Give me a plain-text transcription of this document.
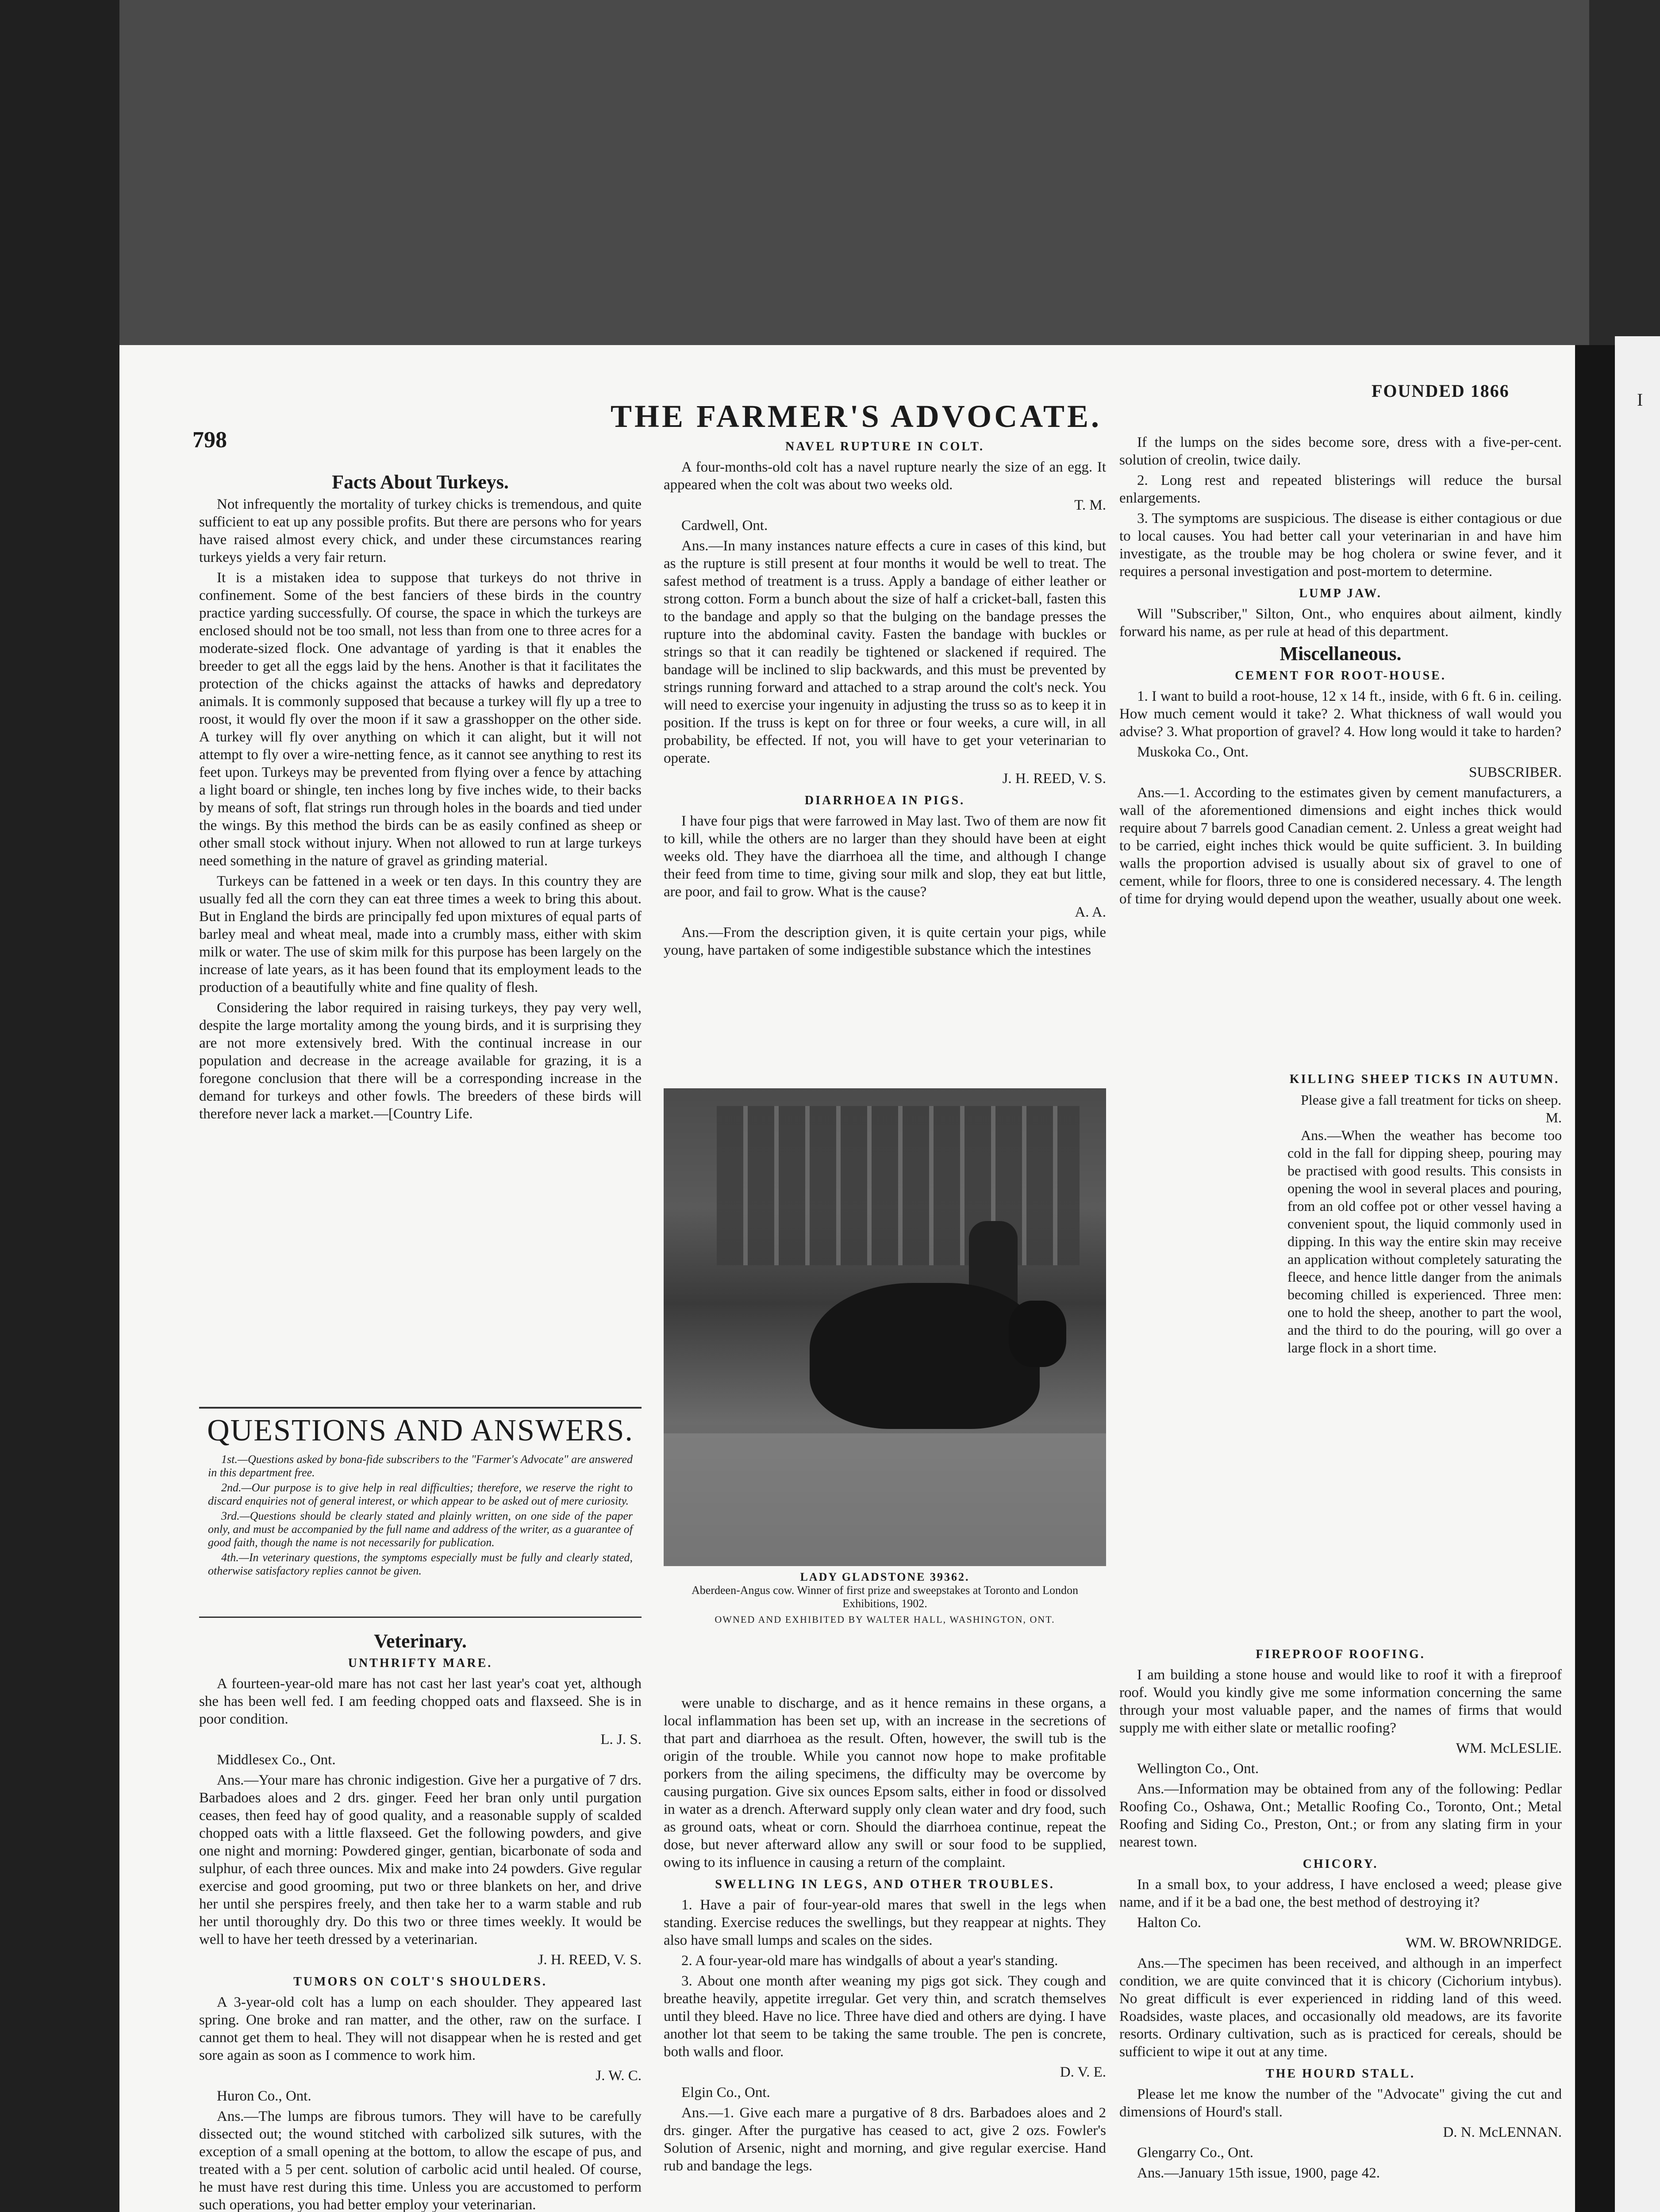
I
798
THE FARMER'S ADVOCATE.
FOUNDED 1866
Facts About Turkeys.

Not infrequently the mortality of turkey chicks is tremendous, and quite sufficient to eat up any possible profits. But there are persons who for years have raised almost every chick, and under these circumstances rearing turkeys yields a very fair return.

It is a mistaken idea to suppose that turkeys do not thrive in confinement. Some of the best fanciers of these birds in the country practice yarding successfully. Of course, the space in which the turkeys are enclosed should not be too small, not less than from one to three acres for a moderate-sized flock. One advantage of yarding is that it enables the breeder to get all the eggs laid by the hens. Another is that it facilitates the protection of the chicks against the attacks of hawks and depredatory animals. It is commonly supposed that because a turkey will fly up a tree to roost, it would fly over the moon if it saw a grasshopper on the other side. A turkey will fly over anything on which it can alight, but it will not attempt to fly over a wire-netting fence, as it cannot see anything to rest its feet upon. Turkeys may be prevented from flying over a fence by attaching a light board or shingle, ten inches long by five inches wide, to their backs by means of soft, flat strings run through holes in the boards and tied under the wings. By this method the birds can be as easily confined as sheep or other small stock without injury. When not allowed to run at large turkeys need something in the nature of gravel as grinding material.

Turkeys can be fattened in a week or ten days. In this country they are usually fed all the corn they can eat three times a week to bring this about. But in England the birds are principally fed upon mixtures of equal parts of barley meal and wheat meal, made into a crumbly mass, either with skim milk or water. The use of skim milk for this purpose has been largely on the increase of late years, as it has been found that its employment leads to the production of a beautifully white and fine quality of flesh.

Considering the labor required in raising turkeys, they pay very well, despite the large mortality among the young birds, and it is surprising they are not more extensively bred. With the continual increase in our population and decrease in the acreage available for grazing, it is a foregone conclusion that there will be a corresponding increase in the demand for turkeys and other fowls. The breeders of these birds will therefore never lack a market.—[Country Life.

QUESTIONS AND ANSWERS.

1st.—Questions asked by bona-fide subscribers to the "Farmer's Advocate" are answered in this department free.

2nd.—Our purpose is to give help in real difficulties; therefore, we reserve the right to discard enquiries not of general interest, or which appear to be asked out of mere curiosity.

3rd.—Questions should be clearly stated and plainly written, on one side of the paper only, and must be accompanied by the full name and address of the writer, as a guarantee of good faith, though the name is not necessarily for publication.

4th.—In veterinary questions, the symptoms especially must be fully and clearly stated, otherwise satisfactory replies cannot be given.

Veterinary.
UNTHRIFTY MARE.

A fourteen-year-old mare has not cast her last year's coat yet, although she has been well fed. I am feeding chopped oats and flaxseed. She is in poor condition.

L. J. S.

Middlesex Co., Ont.

Ans.—Your mare has chronic indigestion. Give her a purgative of 7 drs. Barbadoes aloes and 2 drs. ginger. Feed her bran only until purgation ceases, then feed hay of good quality, and a reasonable supply of scalded chopped oats with a little flaxseed. Get the following powders, and give one night and morning: Powdered ginger, gentian, bicarbonate of soda and sulphur, of each three ounces. Mix and make into 24 powders. Give regular exercise and good grooming, put two or three blankets on her, and drive her until she perspires freely, and then take her to a warm stable and rub her until thoroughly dry. Do this two or three times weekly. It would be well to have her teeth dressed by a veterinarian.

J. H. REED, V. S.

TUMORS ON COLT'S SHOULDERS.

A 3-year-old colt has a lump on each shoulder. They appeared last spring. One broke and ran matter, and the other, raw on the surface. I cannot get them to heal. They will not disappear when he is rested and get sore again as soon as I commence to work him.

J. W. C.

Huron Co., Ont.

Ans.—The lumps are fibrous tumors. They will have to be carefully dissected out; the wound stitched with carbolized silk sutures, with the exception of a small opening at the bottom, to allow the escape of pus, and treated with a 5 per cent. solution of carbolic acid until healed. Of course, he must have rest during this time. Unless you are accustomed to perform such operations, you had better employ your veterinarian.

NAVEL RUPTURE IN COLT.

A four-months-old colt has a navel rupture nearly the size of an egg. It appeared when the colt was about two weeks old.

T. M.

Cardwell, Ont.

Ans.—In many instances nature effects a cure in cases of this kind, but as the rupture is still present at four months it would be well to treat. The safest method of treatment is a truss. Apply a bandage of either leather or strong cotton. Form a bunch about the size of half a cricket-ball, fasten this to the bandage and apply so that the bulging on the bandage presses the rupture into the abdominal cavity. Fasten the bandage with buckles or strings so that it can readily be tightened or slackened if required. The bandage will be inclined to slip backwards, and this must be prevented by strings running forward and attached to a strap around the colt's neck. You will need to exercise your ingenuity in adjusting the truss so as to keep it in position. If the truss is kept on for three or four weeks, a cure will, in all probability, be effected. If not, you will have to get your veterinarian to operate.

J. H. REED, V. S.

DIARRHOEA IN PIGS.

I have four pigs that were farrowed in May last. Two of them are now fit to kill, while the others are no larger than they should have been at eight weeks old. They have the diarrhoea all the time, and although I change their feed from time to time, giving sour milk and slop, they eat but little, are poor, and fail to grow. What is the cause?

A. A.

Ans.—From the description given, it is quite certain your pigs, while young, have partaken of some indigestible substance which the intestines

LADY GLADSTONE 39362.
Aberdeen-Angus cow. Winner of first prize and sweepstakes at Toronto and London Exhibitions, 1902.
OWNED AND EXHIBITED BY WALTER HALL, WASHINGTON, ONT.

were unable to discharge, and as it hence remains in these organs, a local inflammation has been set up, with an increase in the secretions of that part and diarrhoea as the result. Often, however, the swill tub is the origin of the trouble. While you cannot now hope to make profitable porkers from the ailing specimens, the difficulty may be overcome by causing purgation. Give six ounces Epsom salts, either in food or dissolved in water as a drench. Afterward supply only clean water and dry food, such as ground oats, wheat or corn. Should the diarrhoea continue, repeat the dose, but never afterward allow any swill or sour food to be supplied, owing to its influence in causing a return of the complaint.

SWELLING IN LEGS, AND OTHER TROUBLES.

1. Have a pair of four-year-old mares that swell in the legs when standing. Exercise reduces the swellings, but they reappear at nights. They also have small lumps and scales on the sides.

2. A four-year-old mare has windgalls of about a year's standing.

3. About one month after weaning my pigs got sick. They cough and breathe heavily, appetite irregular. Get very thin, and scratch themselves until they bleed. Have no lice. Three have died and others are dying. I have another lot that seem to be taking the same trouble. The pen is concrete, both walls and floor.

D. V. E.

Elgin Co., Ont.

Ans.—1. Give each mare a purgative of 8 drs. Barbadoes aloes and 2 drs. ginger. After the purgative has ceased to act, give 2 ozs. Fowler's Solution of Arsenic, night and morning, and give regular exercise. Hand rub and bandage the legs.

If the lumps on the sides become sore, dress with a five-per-cent. solution of creolin, twice daily.

2. Long rest and repeated blisterings will reduce the bursal enlargements.

3. The symptoms are suspicious. The disease is either contagious or due to local causes. You had better call your veterinarian in and have him investigate, as the trouble may be hog cholera or swine fever, and it requires a personal investigation and post-mortem to determine.

LUMP JAW.

Will "Subscriber," Silton, Ont., who enquires about ailment, kindly forward his name, as per rule at head of this department.

Miscellaneous.
CEMENT FOR ROOT-HOUSE.

1. I want to build a root-house, 12 x 14 ft., inside, with 6 ft. 6 in. ceiling. How much cement would it take? 2. What thickness of wall would you advise? 3. What proportion of gravel? 4. How long would it take to harden?

Muskoka Co., Ont.

SUBSCRIBER.

Ans.—1. According to the estimates given by cement manufacturers, a wall of the aforementioned dimensions and eight inches thick would require about 7 barrels good Canadian cement. 2. Unless a great weight had to be carried, eight inches thick would be quite sufficient. 3. In building walls the proportion advised is usually about six of gravel to one of cement, while for floors, three to one is considered necessary. 4. The length of time for drying would depend upon the weather, usually about one week.

KILLING SHEEP TICKS IN AUTUMN.

Please give a fall treatment for ticks on sheep.

M.

Ans.—When the weather has become too cold in the fall for dipping sheep, pouring may be practised with good results. This consists in opening the wool in several places and pouring, from an old coffee pot or other vessel having a convenient spout, the liquid commonly used in dipping. In this way the entire skin may receive an application without completely saturating the fleece, and hence little danger from the animals becoming chilled is experienced. Three men: one to hold the sheep, another to part the wool, and the third to do the pouring, will go over a large flock in a short time.

FIREPROOF ROOFING.

I am building a stone house and would like to roof it with a fireproof roof. Would you kindly give me some information concerning the same through your most valuable paper, and the names of firms that would supply me with either slate or metallic roofing?

WM. McLESLIE.

Wellington Co., Ont.

Ans.—Information may be obtained from any of the following: Pedlar Roofing Co., Oshawa, Ont.; Metallic Roofing Co., Toronto, Ont.; Metal Roofing and Siding Co., Preston, Ont.; or from any slating firm in your nearest town.

CHICORY.

In a small box, to your address, I have enclosed a weed; please give name, and if it be a bad one, the best method of destroying it?

Halton Co.

WM. W. BROWNRIDGE.

Ans.—The specimen has been received, and although in an imperfect condition, we are quite convinced that it is chicory (Cichorium intybus). No great difficult is ever experienced in ridding land of this weed. Roadsides, waste places, and occasionally old meadows, are its favorite resorts. Ordinary cultivation, such as is practiced for cereals, should be sufficient to wipe it out at any time.

THE HOURD STALL.

Please let me know the number of the "Advocate" giving the cut and dimensions of Hourd's stall.

D. N. McLENNAN.

Glengarry Co., Ont.

Ans.—January 15th issue, 1900, page 42.
